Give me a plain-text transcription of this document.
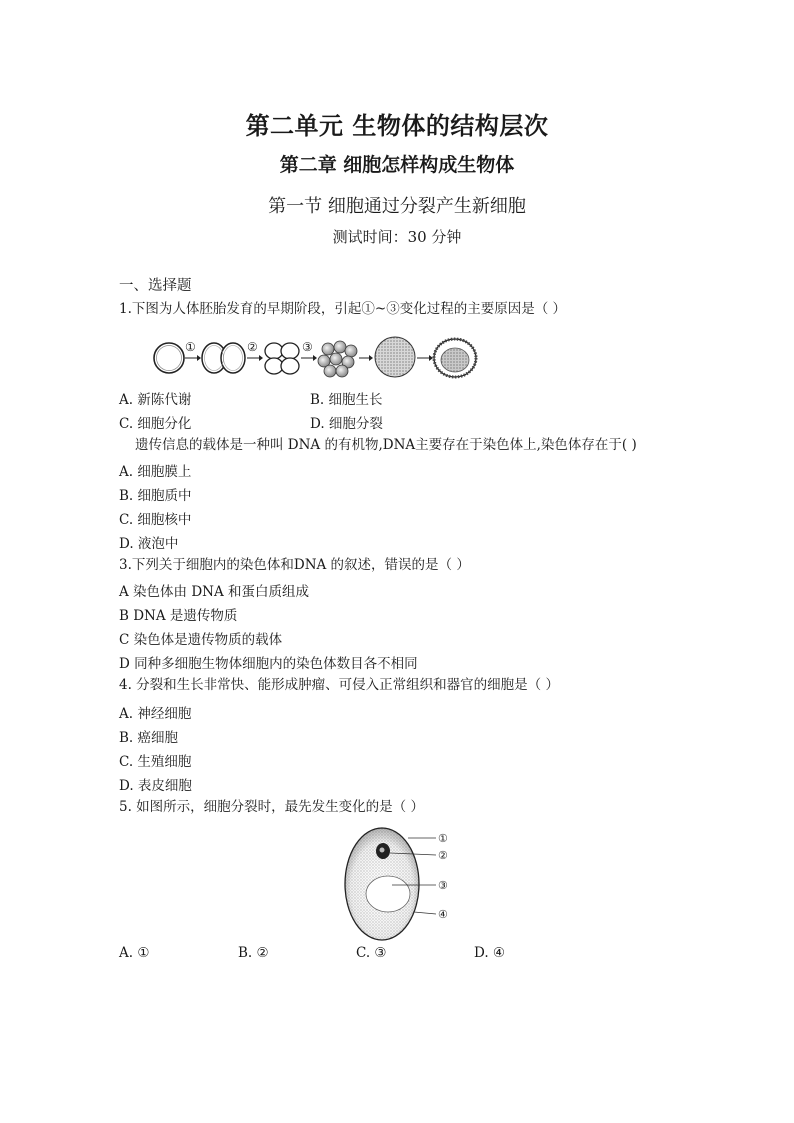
第二单元 生物体的结构层次
第二章 细胞怎样构成生物体
第一节 细胞通过分裂产生新细胞
测试时间：30 分钟
一、选择题
1.下图为人体胚胎发育的早期阶段，引起①~③变化过程的主要原因是（ ）
①	②	③
A. 新陈代谢	B. 细胞生长
C. 细胞分化	D. 细胞分裂
遗传信息的载体是一种叫 DNA 的有机物,DNA主要存在于染色体上,染色体存在于( )
A. 细胞膜上
B. 细胞质中
C. 细胞核中
D. 液泡中
3.下列关于细胞内的染色体和DNA 的叙述，错误的是（ ）
A 染色体由 DNA 和蛋白质组成
B DNA 是遗传物质
C 染色体是遗传物质的载体
D 同种多细胞生物体细胞内的染色体数目各不相同
4. 分裂和生长非常快、能形成肿瘤、可侵入正常组织和器官的细胞是（ ）
A. 神经细胞
B. 癌细胞
C. 生殖细胞
D. 表皮细胞
5. 如图所示，细胞分裂时，最先发生变化的是（ ）
①
②
③
④
A. ①	B. ②	C. ③	D. ④
